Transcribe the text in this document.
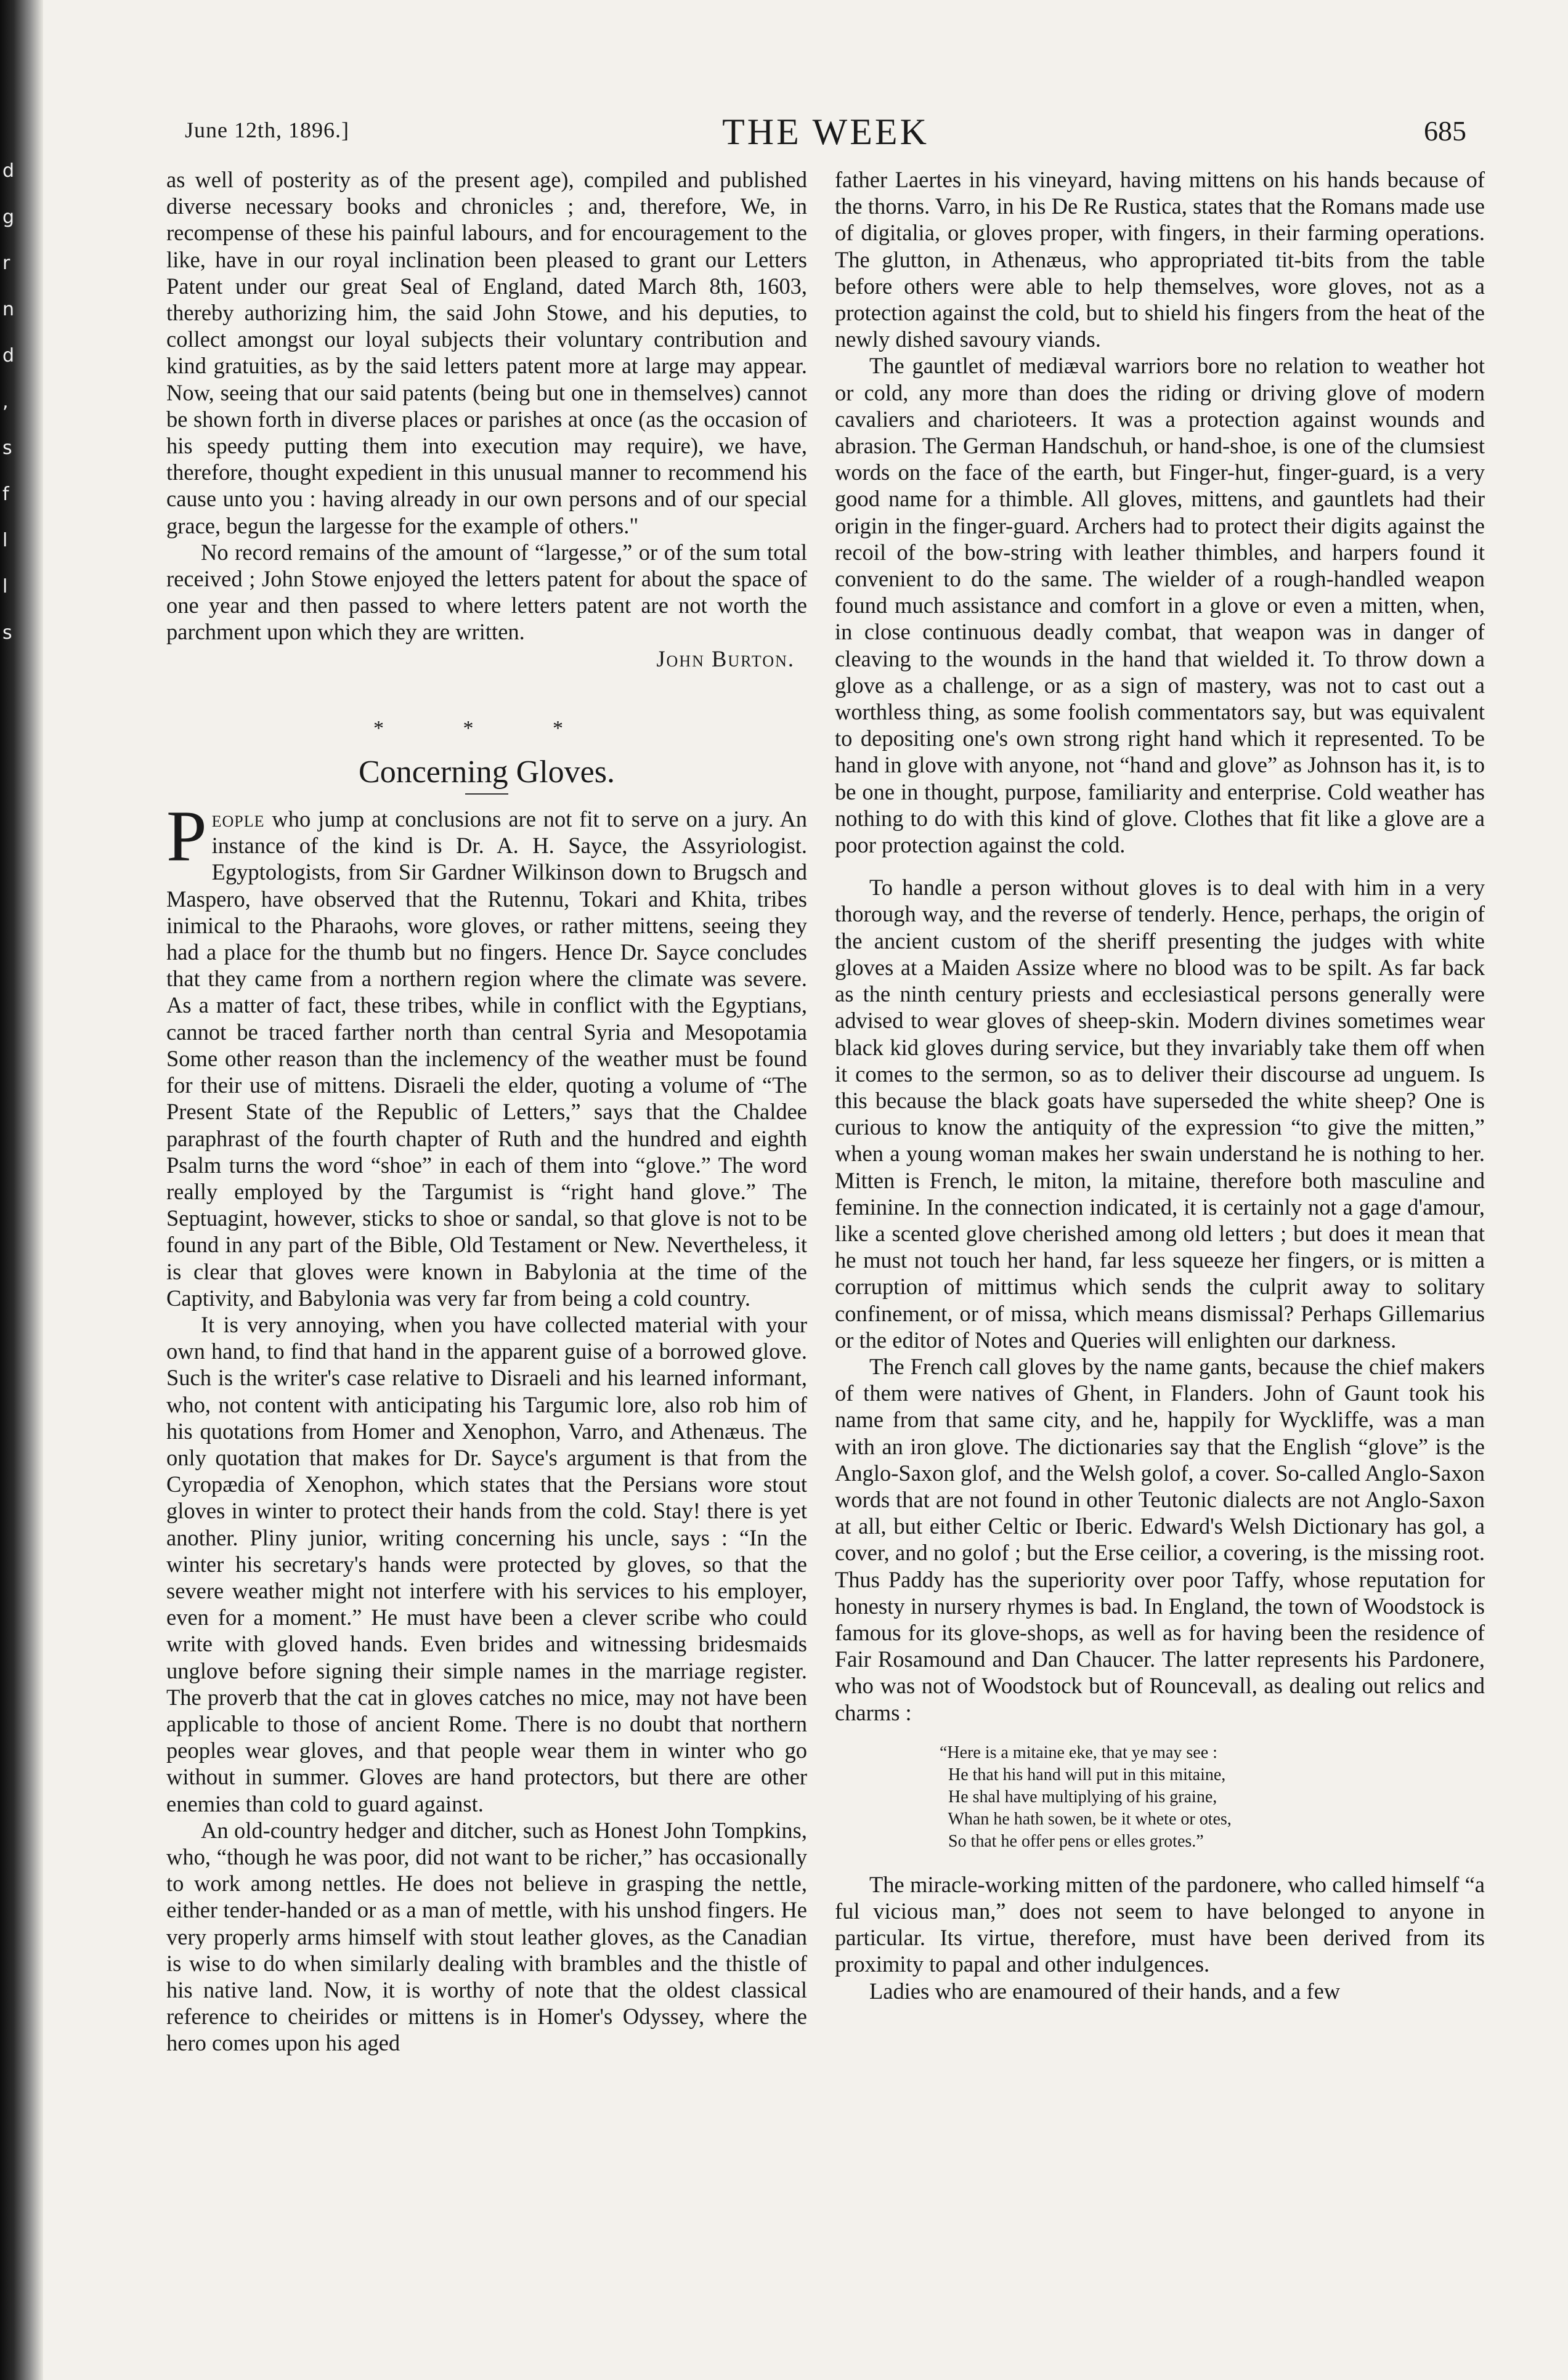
d
g
r
n
d
,
s
f
l
l
s
June 12th, 1896.]	THE WEEK	685

as well of posterity as of the present age), compiled and published diverse necessary books and chronicles ; and, therefore, We, in recompense of these his painful labours, and for encouragement to the like, have in our royal inclination been pleased to grant our Letters Patent under our great Seal of England, dated March 8th, 1603, thereby authorizing him, the said John Stowe, and his deputies, to collect amongst our loyal subjects their voluntary contribution and kind gratuities, as by the said letters patent more at large may appear. Now, seeing that our said patents (being but one in themselves) cannot be shown forth in diverse places or parishes at once (as the occasion of his speedy putting them into execution may require), we have, therefore, thought expedient in this unusual manner to recommend his cause unto you : having already in our own persons and of our special grace, begun the largesse for the example of others."

No record remains of the amount of “largesse,” or of the sum total received ; John Stowe enjoyed the letters patent for about the space of one year and then passed to where letters patent are not worth the parchment upon which they are written.

John Burton.

* * *
Concerning Gloves.

People who jump at conclusions are not fit to serve on a jury. An instance of the kind is Dr. A. H. Sayce, the Assyriologist. Egyptologists, from Sir Gardner Wilkinson down to Brugsch and Maspero, have observed that the Rutennu, Tokari and Khita, tribes inimical to the Pharaohs, wore gloves, or rather mittens, seeing they had a place for the thumb but no fingers. Hence Dr. Sayce concludes that they came from a northern region where the climate was severe. As a matter of fact, these tribes, while in conflict with the Egyptians, cannot be traced farther north than central Syria and Mesopotamia Some other reason than the inclemency of the weather must be found for their use of mittens. Disraeli the elder, quoting a volume of “The Present State of the Republic of Letters,” says that the Chaldee paraphrast of the fourth chapter of Ruth and the hundred and eighth Psalm turns the word “shoe” in each of them into “glove.” The word really employed by the Targumist is “right hand glove.” The Septuagint, however, sticks to shoe or sandal, so that glove is not to be found in any part of the Bible, Old Testament or New. Nevertheless, it is clear that gloves were known in Babylonia at the time of the Captivity, and Babylonia was very far from being a cold country.

It is very annoying, when you have collected material with your own hand, to find that hand in the apparent guise of a borrowed glove. Such is the writer's case relative to Disraeli and his learned informant, who, not content with anticipating his Targumic lore, also rob him of his quotations from Homer and Xenophon, Varro, and Athenæus. The only quotation that makes for Dr. Sayce's argument is that from the Cyropædia of Xenophon, which states that the Persians wore stout gloves in winter to protect their hands from the cold. Stay! there is yet another. Pliny junior, writing concerning his uncle, says : “In the winter his secretary's hands were protected by gloves, so that the severe weather might not interfere with his services to his employer, even for a moment.” He must have been a clever scribe who could write with gloved hands. Even brides and witnessing bridesmaids unglove before signing their simple names in the marriage register. The proverb that the cat in gloves catches no mice, may not have been applicable to those of ancient Rome. There is no doubt that northern peoples wear gloves, and that people wear them in winter who go without in summer. Gloves are hand protectors, but there are other enemies than cold to guard against.

An old-country hedger and ditcher, such as Honest John Tompkins, who, “though he was poor, did not want to be richer,” has occasionally to work among nettles. He does not believe in grasping the nettle, either tender-handed or as a man of mettle, with his unshod fingers. He very properly arms himself with stout leather gloves, as the Canadian is wise to do when similarly dealing with brambles and the thistle of his native land. Now, it is worthy of note that the oldest classical reference to cheirides or mittens is in Homer's Odyssey, where the hero comes upon his aged

father Laertes in his vineyard, having mittens on his hands because of the thorns. Varro, in his De Re Rustica, states that the Romans made use of digitalia, or gloves proper, with fingers, in their farming operations. The glutton, in Athenæus, who appropriated tit-bits from the table before others were able to help themselves, wore gloves, not as a protection against the cold, but to shield his fingers from the heat of the newly dished savoury viands.

The gauntlet of mediæval warriors bore no relation to weather hot or cold, any more than does the riding or driving glove of modern cavaliers and charioteers. It was a protection against wounds and abrasion. The German Handschuh, or hand-shoe, is one of the clumsiest words on the face of the earth, but Finger-hut, finger-guard, is a very good name for a thimble. All gloves, mittens, and gauntlets had their origin in the finger-guard. Archers had to protect their digits against the recoil of the bow-string with leather thimbles, and harpers found it convenient to do the same. The wielder of a rough-handled weapon found much assistance and comfort in a glove or even a mitten, when, in close continuous deadly combat, that weapon was in danger of cleaving to the wounds in the hand that wielded it. To throw down a glove as a challenge, or as a sign of mastery, was not to cast out a worthless thing, as some foolish commentators say, but was equivalent to depositing one's own strong right hand which it represented. To be hand in glove with anyone, not “hand and glove” as Johnson has it, is to be one in thought, purpose, familiarity and enterprise. Cold weather has nothing to do with this kind of glove. Clothes that fit like a glove are a poor protection against the cold.

To handle a person without gloves is to deal with him in a very thorough way, and the reverse of tenderly. Hence, perhaps, the origin of the ancient custom of the sheriff presenting the judges with white gloves at a Maiden Assize where no blood was to be spilt. As far back as the ninth century priests and ecclesiastical persons generally were advised to wear gloves of sheep-skin. Modern divines sometimes wear black kid gloves during service, but they invariably take them off when it comes to the sermon, so as to deliver their discourse ad unguem. Is this because the black goats have superseded the white sheep? One is curious to know the antiquity of the expression “to give the mitten,” when a young woman makes her swain understand he is nothing to her. Mitten is French, le miton, la mitaine, therefore both masculine and feminine. In the connection indicated, it is certainly not a gage d'amour, like a scented glove cherished among old letters ; but does it mean that he must not touch her hand, far less squeeze her fingers, or is mitten a corruption of mittimus which sends the culprit away to solitary confinement, or of missa, which means dismissal? Perhaps Gillemarius or the editor of Notes and Queries will enlighten our darkness.

The French call gloves by the name gants, because the chief makers of them were natives of Ghent, in Flanders. John of Gaunt took his name from that same city, and he, happily for Wyckliffe, was a man with an iron glove. The dictionaries say that the English “glove” is the Anglo-Saxon glof, and the Welsh golof, a cover. So-called Anglo-Saxon words that are not found in other Teutonic dialects are not Anglo-Saxon at all, but either Celtic or Iberic. Edward's Welsh Dictionary has gol, a cover, and no golof ; but the Erse ceilior, a covering, is the missing root. Thus Paddy has the superiority over poor Taffy, whose reputation for honesty in nursery rhymes is bad. In England, the town of Woodstock is famous for its glove-shops, as well as for having been the residence of Fair Rosamound and Dan Chaucer. The latter represents his Pardonere, who was not of Woodstock but of Rouncevall, as dealing out relics and charms :

“Here is a mitaine eke, that ye may see :
He that his hand will put in this mitaine,
He shal have multiplying of his graine,
Whan he hath sowen, be it whete or otes,
So that he offer pens or elles grotes.”

The miracle-working mitten of the pardonere, who called himself “a ful vicious man,” does not seem to have belonged to anyone in particular. Its virtue, therefore, must have been derived from its proximity to papal and other indulgences.

Ladies who are enamoured of their hands, and a few
